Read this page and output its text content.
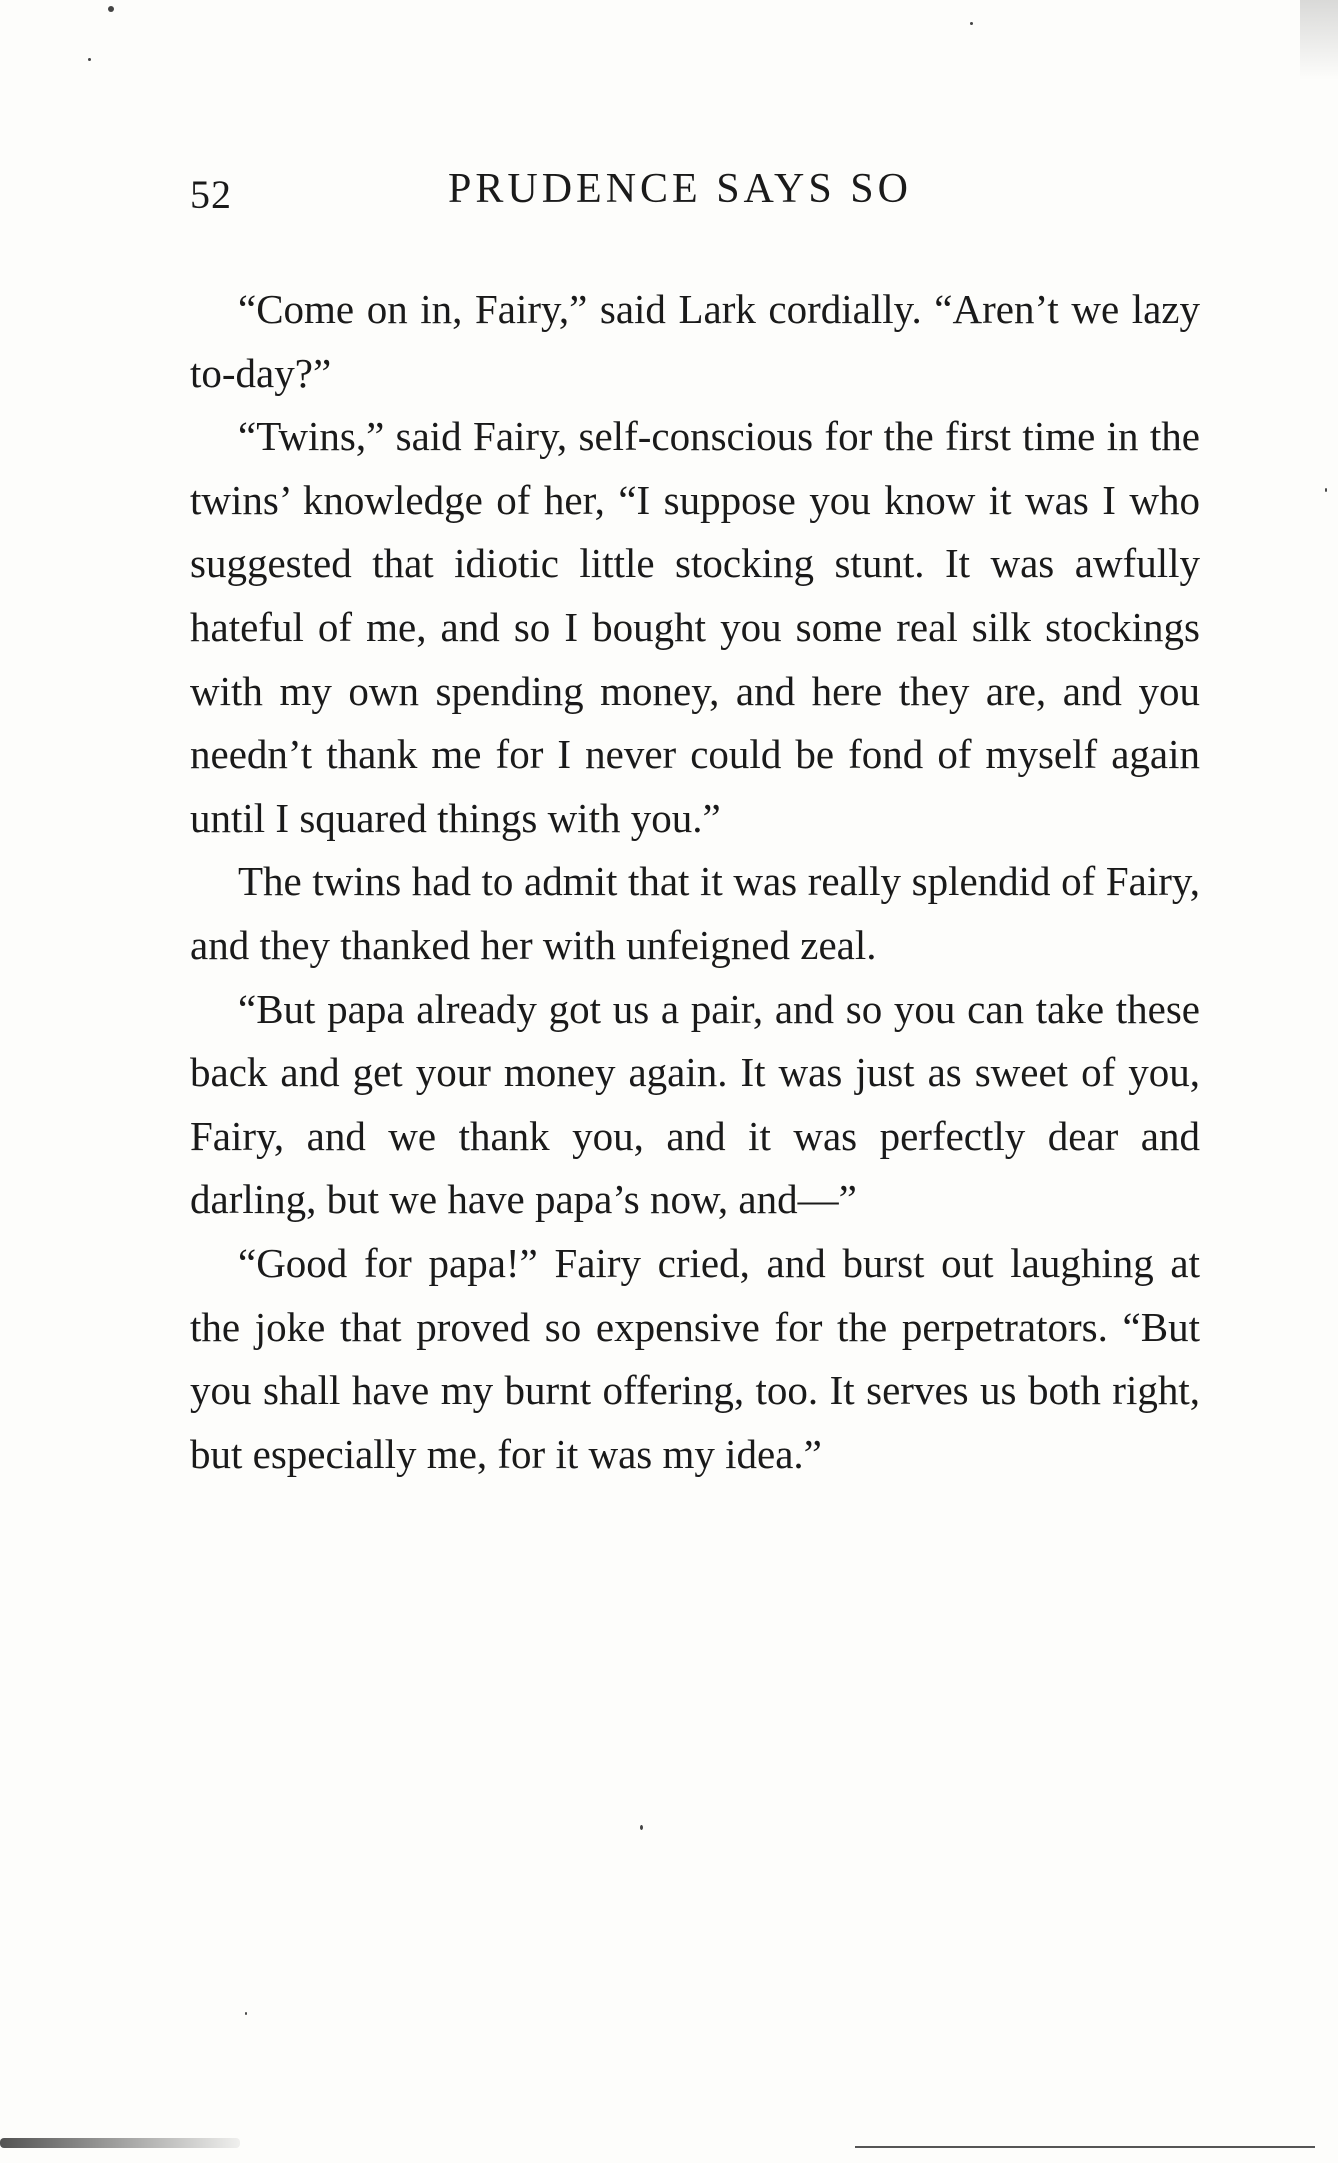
52	PRUDENCE SAYS SO

“Come on in, Fairy,” said Lark cordially. “Aren’t we lazy to-day?”

“Twins,” said Fairy, self-conscious for the first time in the twins’ knowledge of her, “I suppose you know it was I who suggested that idiotic little stocking stunt. It was awfully hateful of me, and so I bought you some real silk stockings with my own spending money, and here they are, and you needn’t thank me for I never could be fond of myself again until I squared things with you.”

The twins had to admit that it was really splendid of Fairy, and they thanked her with unfeigned zeal.

“But papa already got us a pair, and so you can take these back and get your money again. It was just as sweet of you, Fairy, and we thank you, and it was perfectly dear and darling, but we have papa’s now, and—”

“Good for papa!” Fairy cried, and burst out laughing at the joke that proved so expensive for the perpetrators. “But you shall have my burnt offering, too. It serves us both right, but especially me, for it was my idea.”
